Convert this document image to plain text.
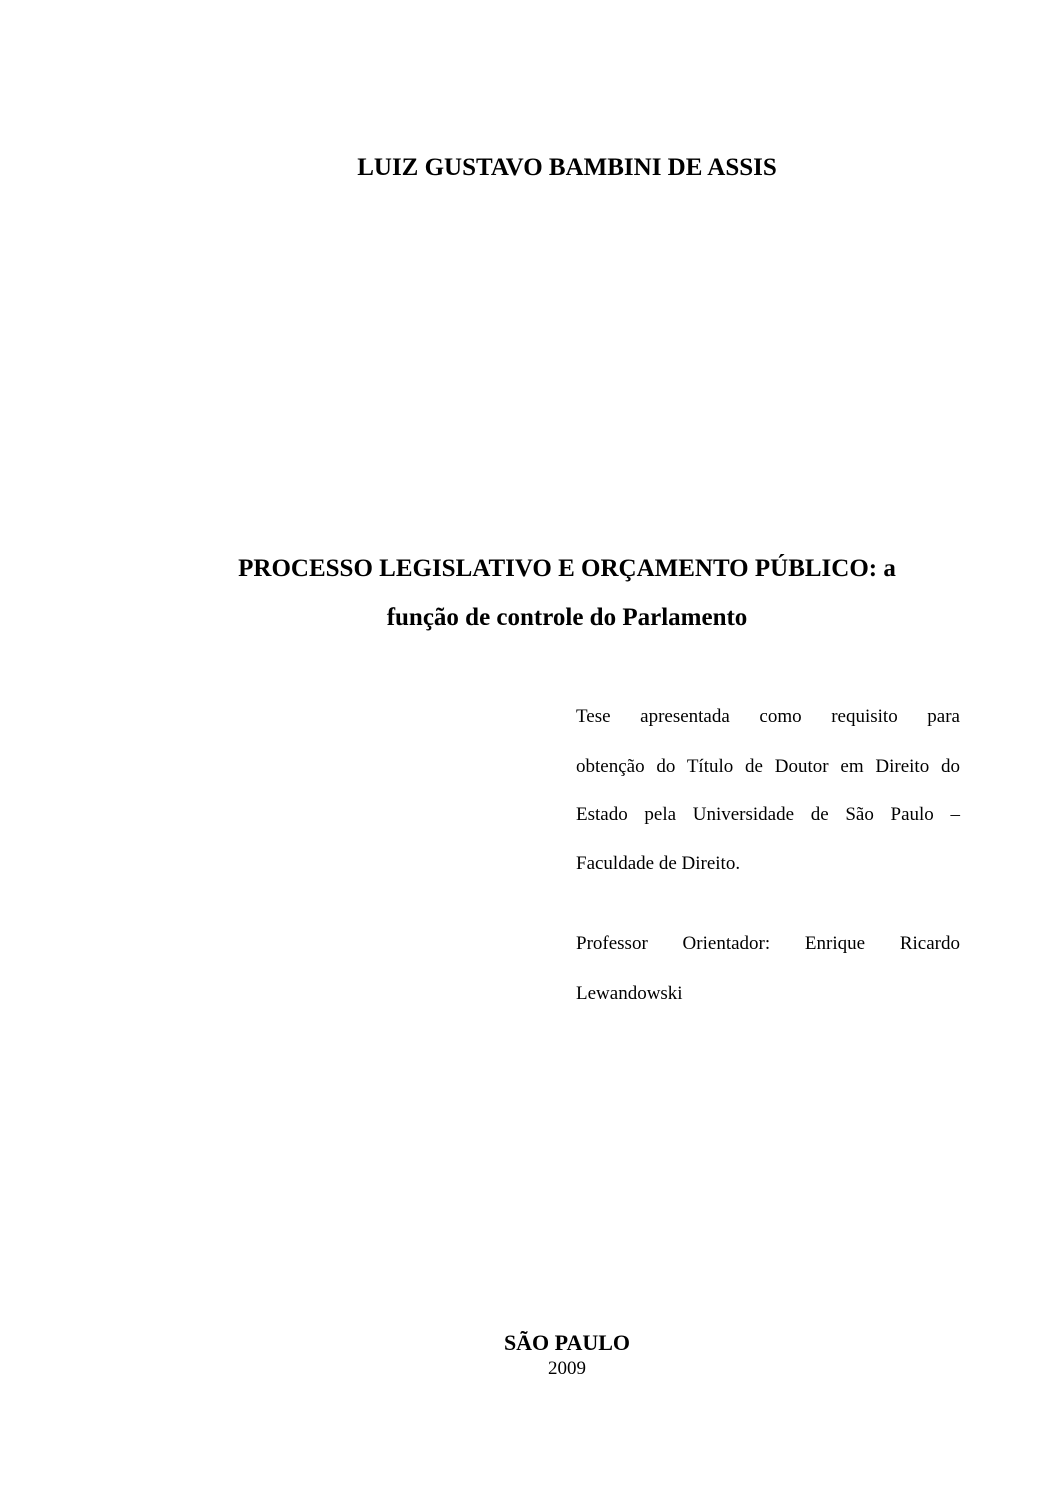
LUIZ GUSTAVO BAMBINI DE ASSIS
PROCESSO LEGISLATIVO E ORÇAMENTO PÚBLICO: a
função de controle do Parlamento
Tese apresentada como requisito para
obtenção do Título de Doutor em Direito do
Estado pela Universidade de São Paulo –
Faculdade de Direito.
Professor Orientador: Enrique Ricardo
Lewandowski
SÃO PAULO
2009
